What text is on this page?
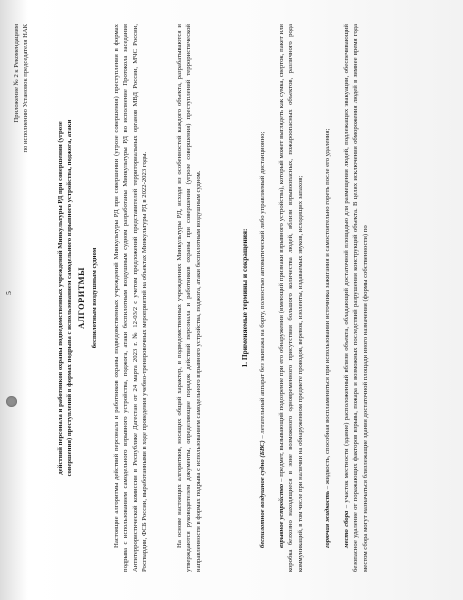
5
Приложение № 2 к Рекомендациям по исполнению Установок председателя НАК
действий персонала и работников охраны подведомственных учреждений Минкультуры РД при совершении (угрозе совершения) преступлений в формах подрыва с использованием самодельного взрывного устройства, поджога, атаки АЛГОРИТМЫ беспилотным воздушным судном Настоящие алгоритмы действий персонала и работников охраны подведомственных учреждений Минкультуры РД при совершении (угрозе совершения) преступления в формах подрыва с использованием самодельного взрывного устройства, поджога, атаки беспилотным воздушным судном разработаны Минкультуры РД во исполнение Протокола заседания Антитеррористической комиссии в Республике Дагестан от 24 марта 2023 г. № 12-03/2 с учетом предложений представителей территориальных органов МВД России, МЧС России, Росгвардии, ФСБ России, выработанными в ходе проведения учебно-тренировочных мероприятий на объектах Минкультуры РД в 2022-2023 годы.	На основе настоящих алгоритмов, носящих общий характер, в подведомственных учреждениях Минкультуры РД, исходя из особенностей каждого объекта, разрабатываются и утверждаются руководителем документы, определяющие порядок действий персонала и работников охраны при совершении (угрозе совершения) преступлений террористической направленности в формах подрыва с использованием самодельного взрывного устройства, поджога, атаки беспилотным воздушным судном.	1. Применяемые термины и сокращения:
беспилотное воздушное судно (БВС) – летательный аппарат без экипажа на борту, полностью автоматический либо управляемый дистанционно;
взрывное устройство – предмет, вызывающий подозрение при его обнаружении (имеющий признаки взрывного устройства), который может выглядеть как сумка, сверток, пакет или коробка безхозно находящиеся в зоне возможного одновременного присутствия большого количества людей, вблизи взрывоопасных, пожароопасных объектов, различного рода коммуникаций, в том числе при наличии на обнаруженном предмете проводов, веревок, изоленты, издаваемых звуков, исходящих запахов;	горючая жидкость – жидкость, способная воспламениться при использовании источника зажигания и самостоятельно гореть после его удаления;
место сбора – участок местности (здание) расположенный вблизи объекта, обладающий достаточной площадью для размещения людей, подлежащих эвакуации, обеспечивающий безопасное удаление от поражающих факторов взрыва, пожара и возможных последствий разрушения конструкций объекта. В целях исключения обморожения людей в зимнее время года местом сбора могут назначаться близлежащие здания достаточной площади иного назначения (формы собственности) по
